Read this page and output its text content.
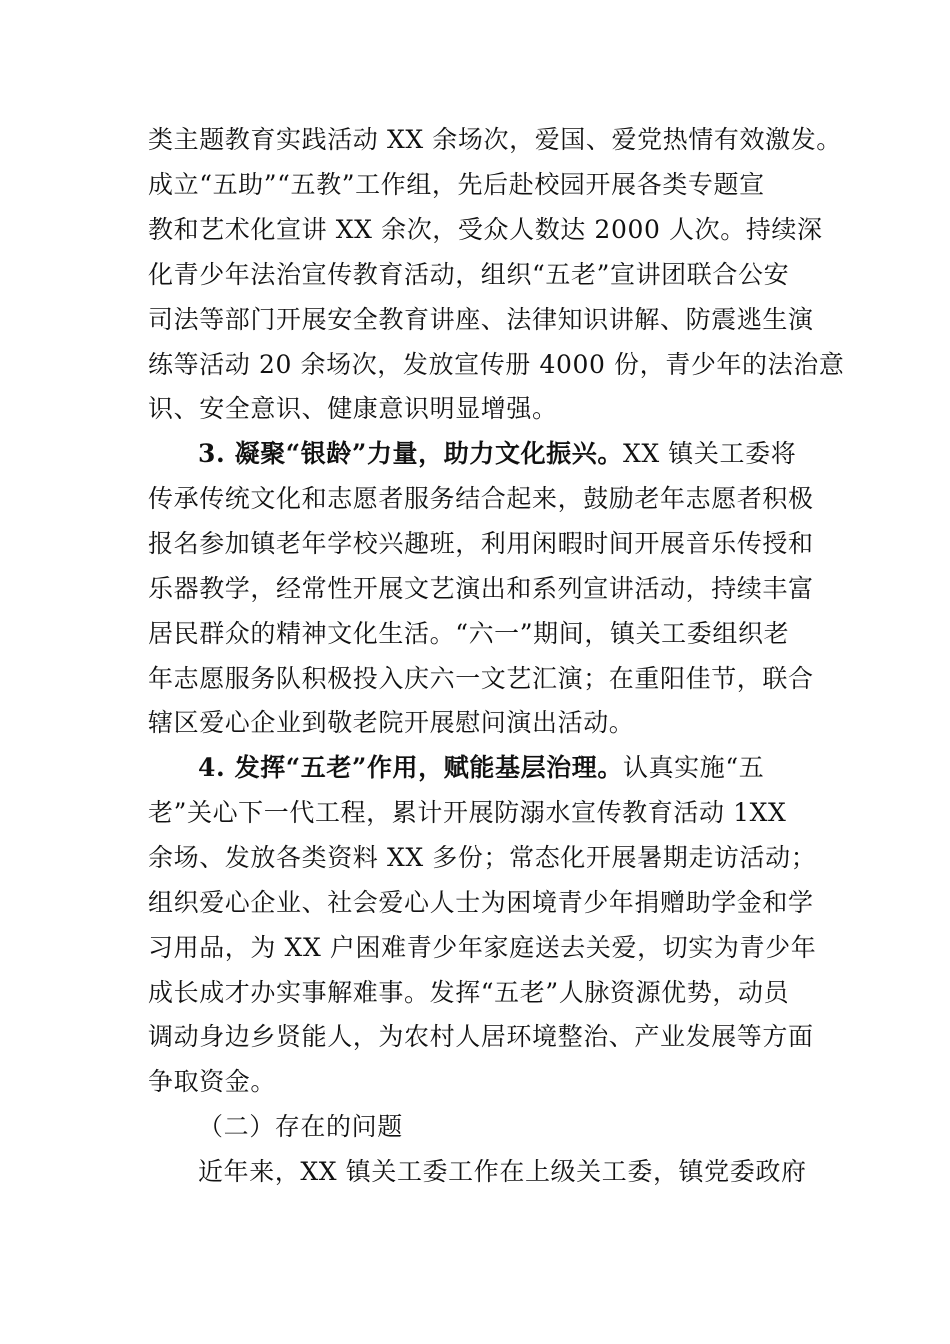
类主题教育实践活动 XX 余场次，爱国、爱党热情有效激发。
成立“五助”“五教”工作组，先后赴校园开展各类专题宣
教和艺术化宣讲 XX 余次，受众人数达 2000 人次。持续深
化青少年法治宣传教育活动，组织“五老”宣讲团联合公安
司法等部门开展安全教育讲座、法律知识讲解、防震逃生演
练等活动 20 余场次，发放宣传册 4000 份，青少年的法治意
识、安全意识、健康意识明显增强。
3. 凝聚“银龄”力量，助力文化振兴。XX 镇关工委将
传承传统文化和志愿者服务结合起来，鼓励老年志愿者积极
报名参加镇老年学校兴趣班，利用闲暇时间开展音乐传授和
乐器教学，经常性开展文艺演出和系列宣讲活动，持续丰富
居民群众的精神文化生活。“六一”期间，镇关工委组织老
年志愿服务队积极投入庆六一文艺汇演；在重阳佳节，联合
辖区爱心企业到敬老院开展慰问演出活动。
4. 发挥“五老”作用，赋能基层治理。认真实施“五
老”关心下一代工程，累计开展防溺水宣传教育活动 1XX
余场、发放各类资料 XX 多份；常态化开展暑期走访活动；
组织爱心企业、社会爱心人士为困境青少年捐赠助学金和学
习用品，为 XX 户困难青少年家庭送去关爱，切实为青少年
成长成才办实事解难事。发挥“五老”人脉资源优势，动员
调动身边乡贤能人，为农村人居环境整治、产业发展等方面
争取资金。
（二）存在的问题
近年来，XX 镇关工委工作在上级关工委，镇党委政府
